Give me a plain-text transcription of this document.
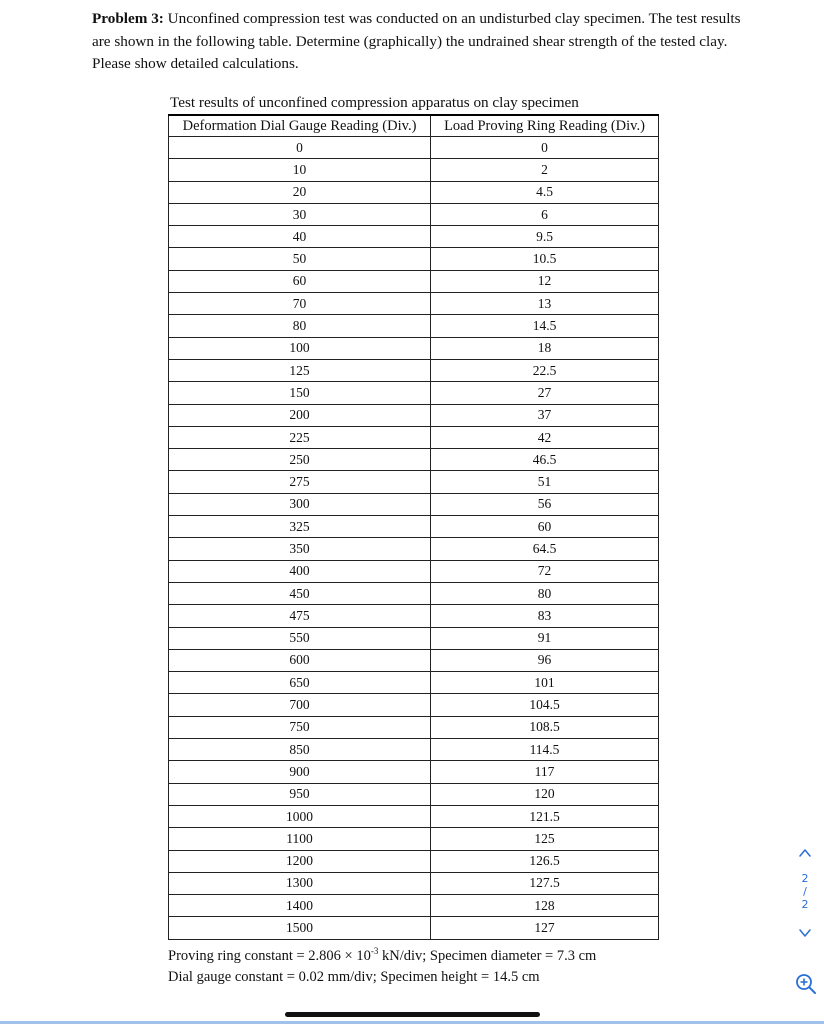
Problem 3: Unconfined compression test was conducted on an undisturbed clay specimen. The test results are shown in the following table. Determine (graphically) the undrained shear strength of the tested clay. Please show detailed calculations.

Test results of unconfined compression apparatus on clay specimen
Deformation Dial Gauge Reading (Div.)	Load Proving Ring Reading (Div.)
0	0
10	2
20	4.5
30	6
40	9.5
50	10.5
60	12
70	13
80	14.5
100	18
125	22.5
150	27
200	37
225	42
250	46.5
275	51
300	56
325	60
350	64.5
400	72
450	80
475	83
550	91
600	96
650	101
700	104.5
750	108.5
850	114.5
900	117
950	120
1000	121.5
1100	125
1200	126.5
1300	127.5
1400	128
1500	127
Proving ring constant = $2.806 \times 10^{-3}$ kN/div; Specimen diameter = 7.3 cm
Dial gauge constant = 0.02 mm/div; Specimen height = 14.5 cm
2
/
2
